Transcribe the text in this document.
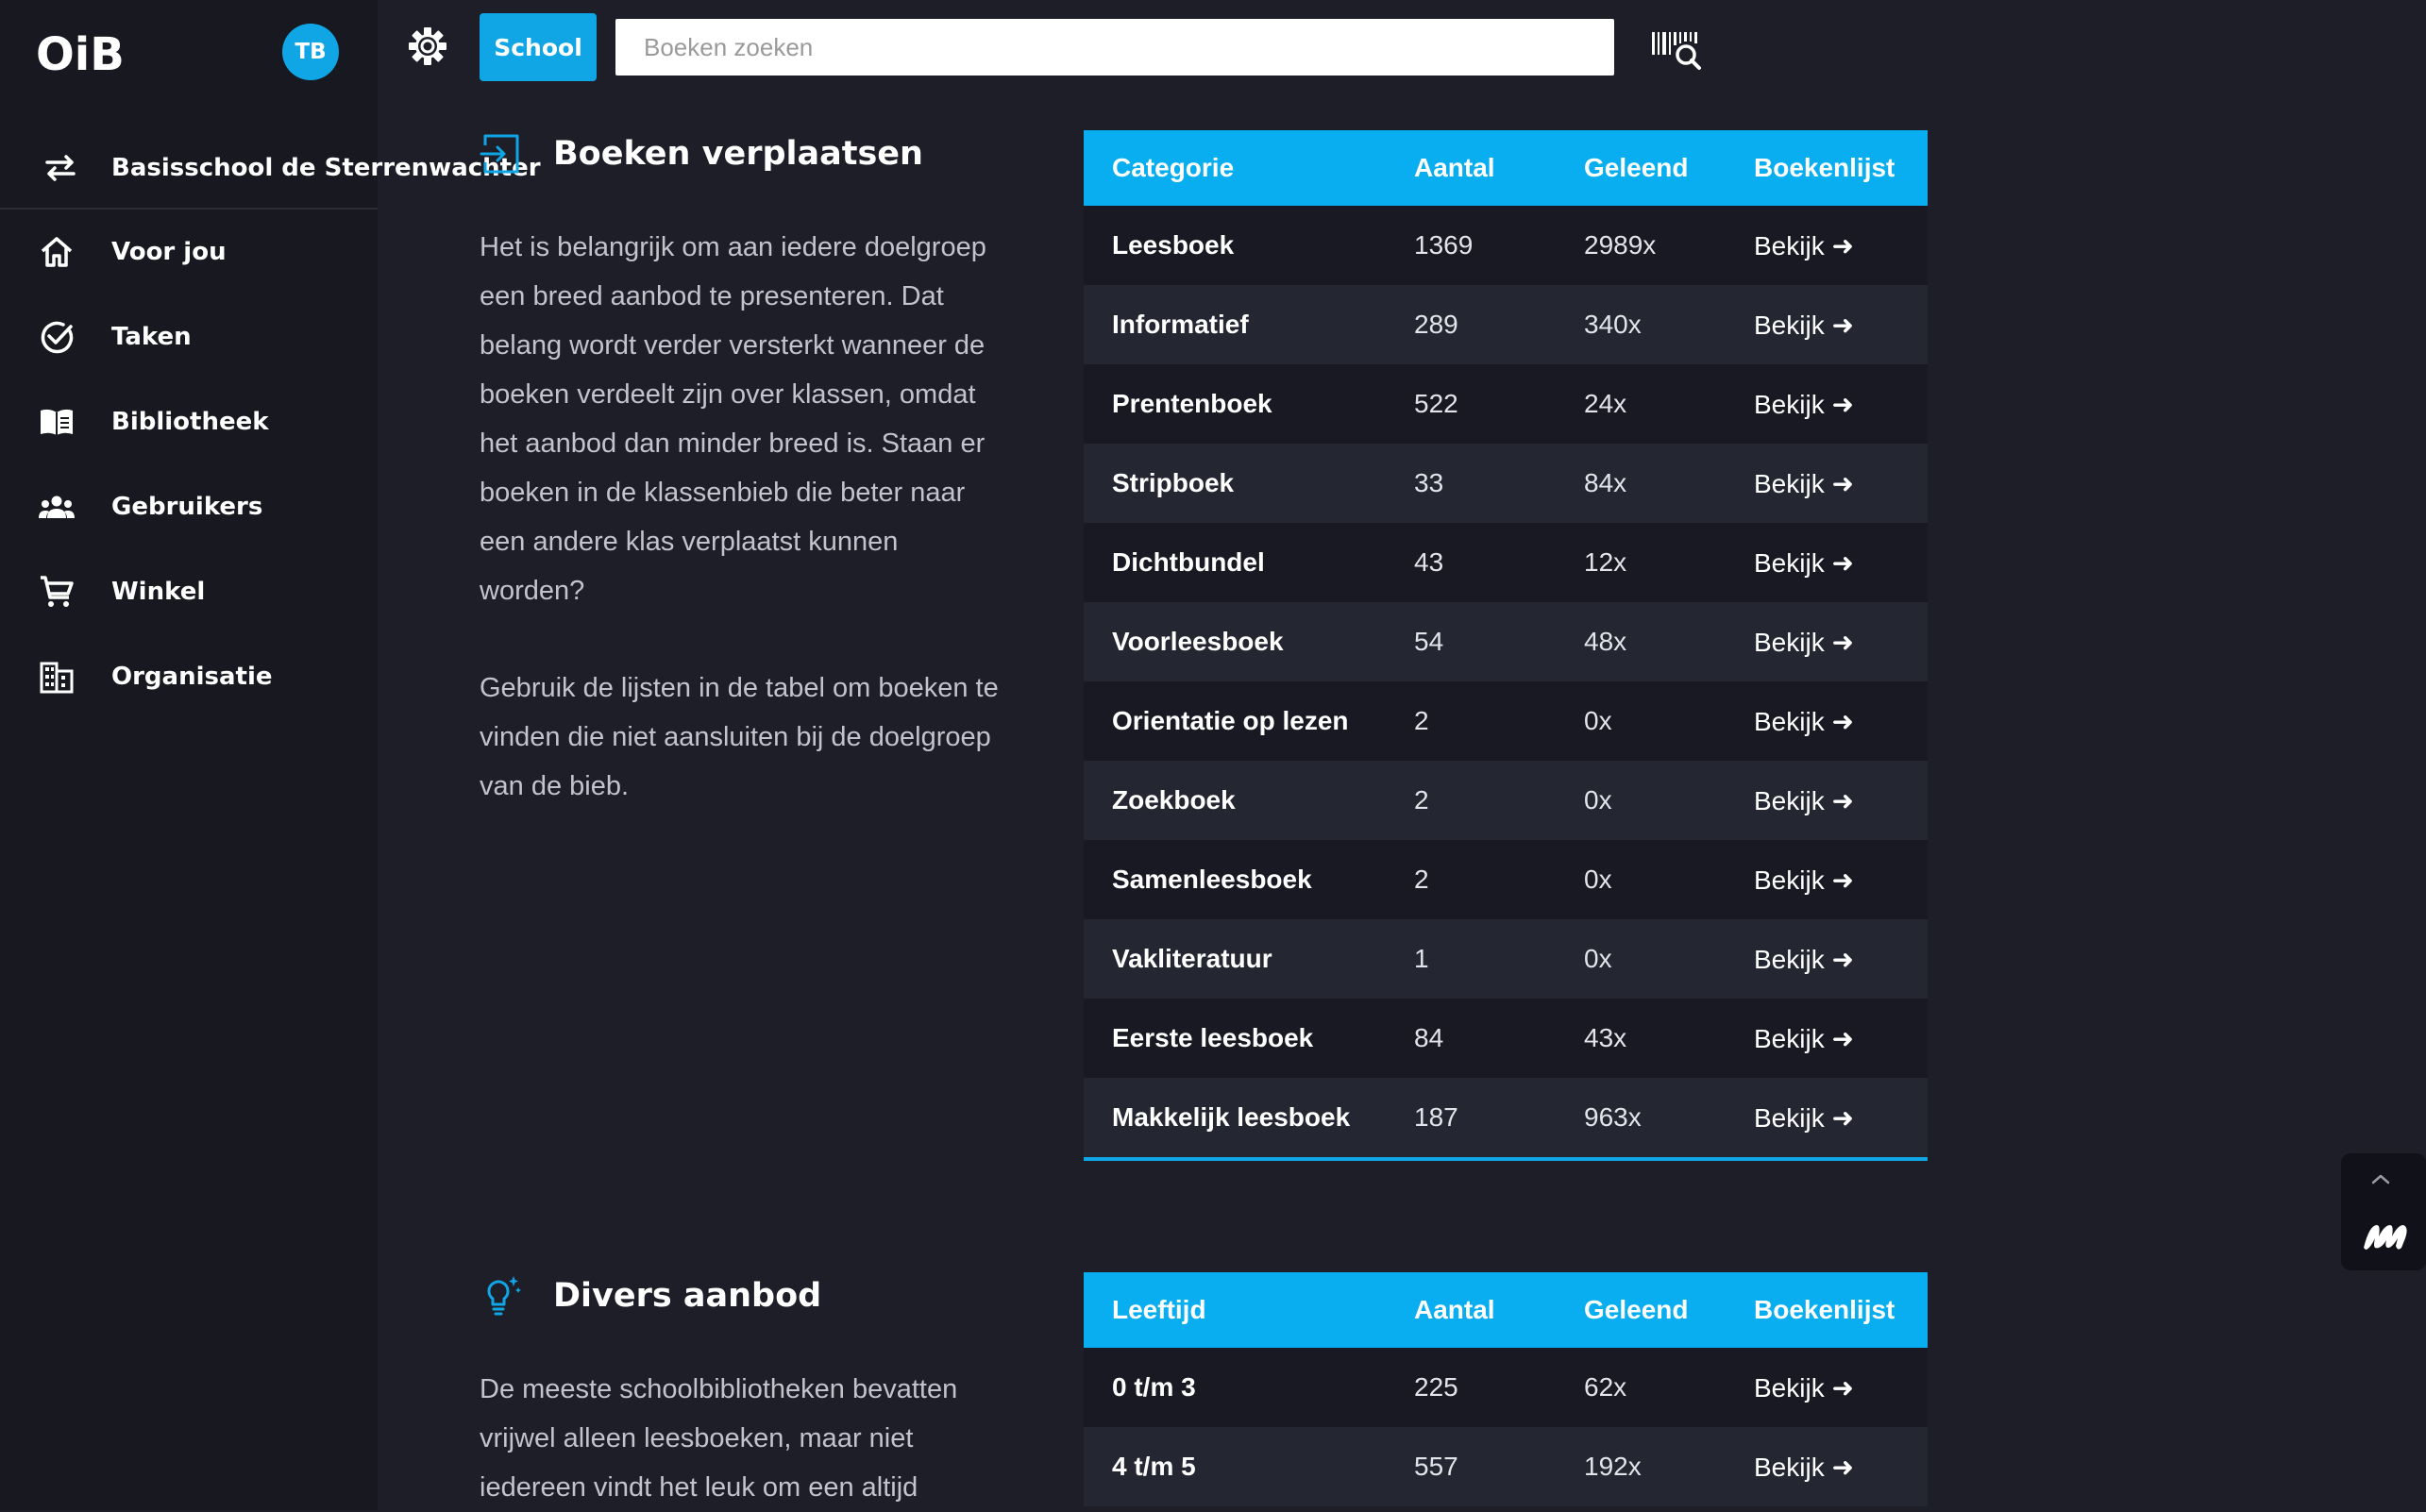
OiB	TB
Basisschool de Sterrenwachter
Voor jou
Taken
Bibliotheek
Gebruikers
Winkel
Organisatie
School
Boeken zoeken
Boeken verplaatsen

Het is belangrijk om aan iedere doelgroep een breed aanbod te presenteren. Dat belang wordt verder versterkt wanneer de boeken verdeelt zijn over klassen, omdat het aanbod dan minder breed is. Staan er boeken in de klassenbieb die beter naar een andere klas verplaatst kunnen worden?

Gebruik de lijsten in de tabel om boeken te vinden die niet aansluiten bij de doelgroep van de bieb.

Categorie	Aantal	Geleend	Boekenlijst
Leesboek	1369	2989x	Bekijk ➜
Informatief	289	340x	Bekijk ➜
Prentenboek	522	24x	Bekijk ➜
Stripboek	33	84x	Bekijk ➜
Dichtbundel	43	12x	Bekijk ➜
Voorleesboek	54	48x	Bekijk ➜
Orientatie op lezen	2	0x	Bekijk ➜
Zoekboek	2	0x	Bekijk ➜
Samenleesboek	2	0x	Bekijk ➜
Vakliteratuur	1	0x	Bekijk ➜
Eerste leesboek	84	43x	Bekijk ➜
Makkelijk leesboek	187	963x	Bekijk ➜
Divers aanbod

De meeste schoolbibliotheken bevatten vrijwel alleen leesboeken, maar niet iedereen vindt het leuk om een altijd

Leeftijd	Aantal	Geleend	Boekenlijst
0 t/m 3	225	62x	Bekijk ➜
4 t/m 5	557	192x	Bekijk ➜
